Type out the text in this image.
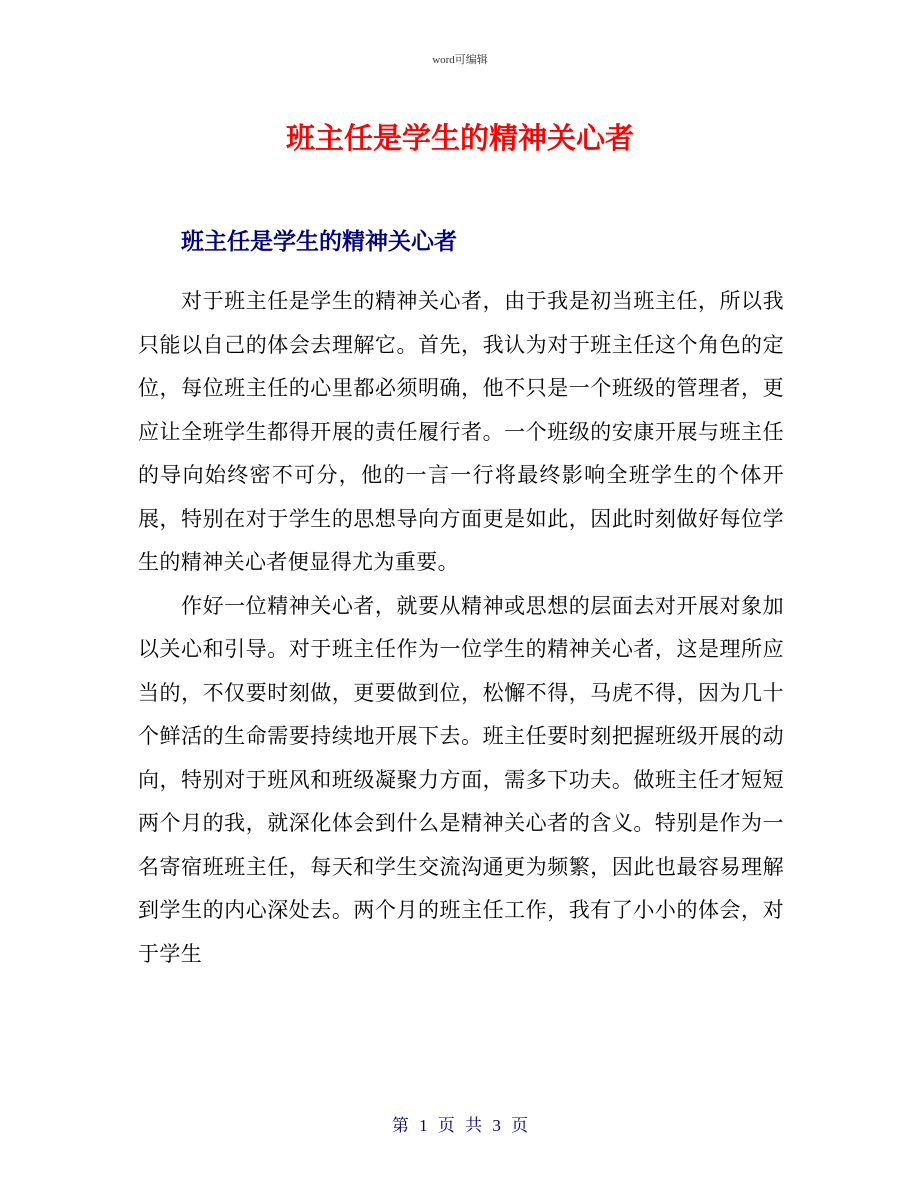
word可编辑
班主任是学生的精神关心者
班主任是学生的精神关心者

对于班主任是学生的精神关心者，由于我是初当班主任，所以我只能以自己的体会去理解它。首先，我认为对于班主任这个角色的定位，每位班主任的心里都必须明确，他不只是一个班级的管理者，更应让全班学生都得开展的责任履行者。一个班级的安康开展与班主任的导向始终密不可分，他的一言一行将最终影响全班学生的个体开展，特别在对于学生的思想导向方面更是如此，因此时刻做好每位学生的精神关心者便显得尤为重要。

作好一位精神关心者，就要从精神或思想的层面去对开展对象加以关心和引导。对于班主任作为一位学生的精神关心者，这是理所应当的，不仅要时刻做，更要做到位，松懈不得，马虎不得，因为几十个鲜活的生命需要持续地开展下去。班主任要时刻把握班级开展的动向，特别对于班风和班级凝聚力方面，需多下功夫。做班主任才短短两个月的我，就深化体会到什么是精神关心者的含义。特别是作为一名寄宿班班主任，每天和学生交流沟通更为频繁，因此也最容易理解到学生的内心深处去。两个月的班主任工作，我有了小小的体会，对于学生

第 1 页 共 3 页
